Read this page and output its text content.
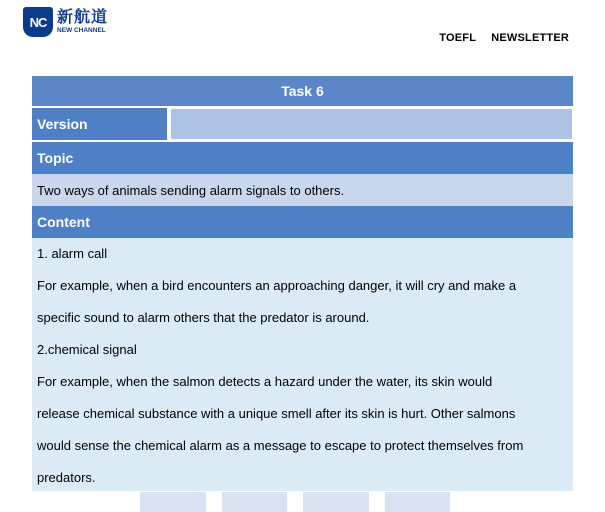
NC 新航道
NEW CHANNEL
TOEFL NEWSLETTER
Task 6
Version
Topic
Two ways of animals sending alarm signals to others.
Content
1. alarm call
For example, when a bird encounters an approaching danger, it will cry and make a
specific sound to alarm others that the predator is around.
2.chemical signal
For example, when the salmon detects a hazard under the water, its skin would
release chemical substance with a unique smell after its skin is hurt. Other salmons
would sense the chemical alarm as a message to escape to protect themselves from
predators.
